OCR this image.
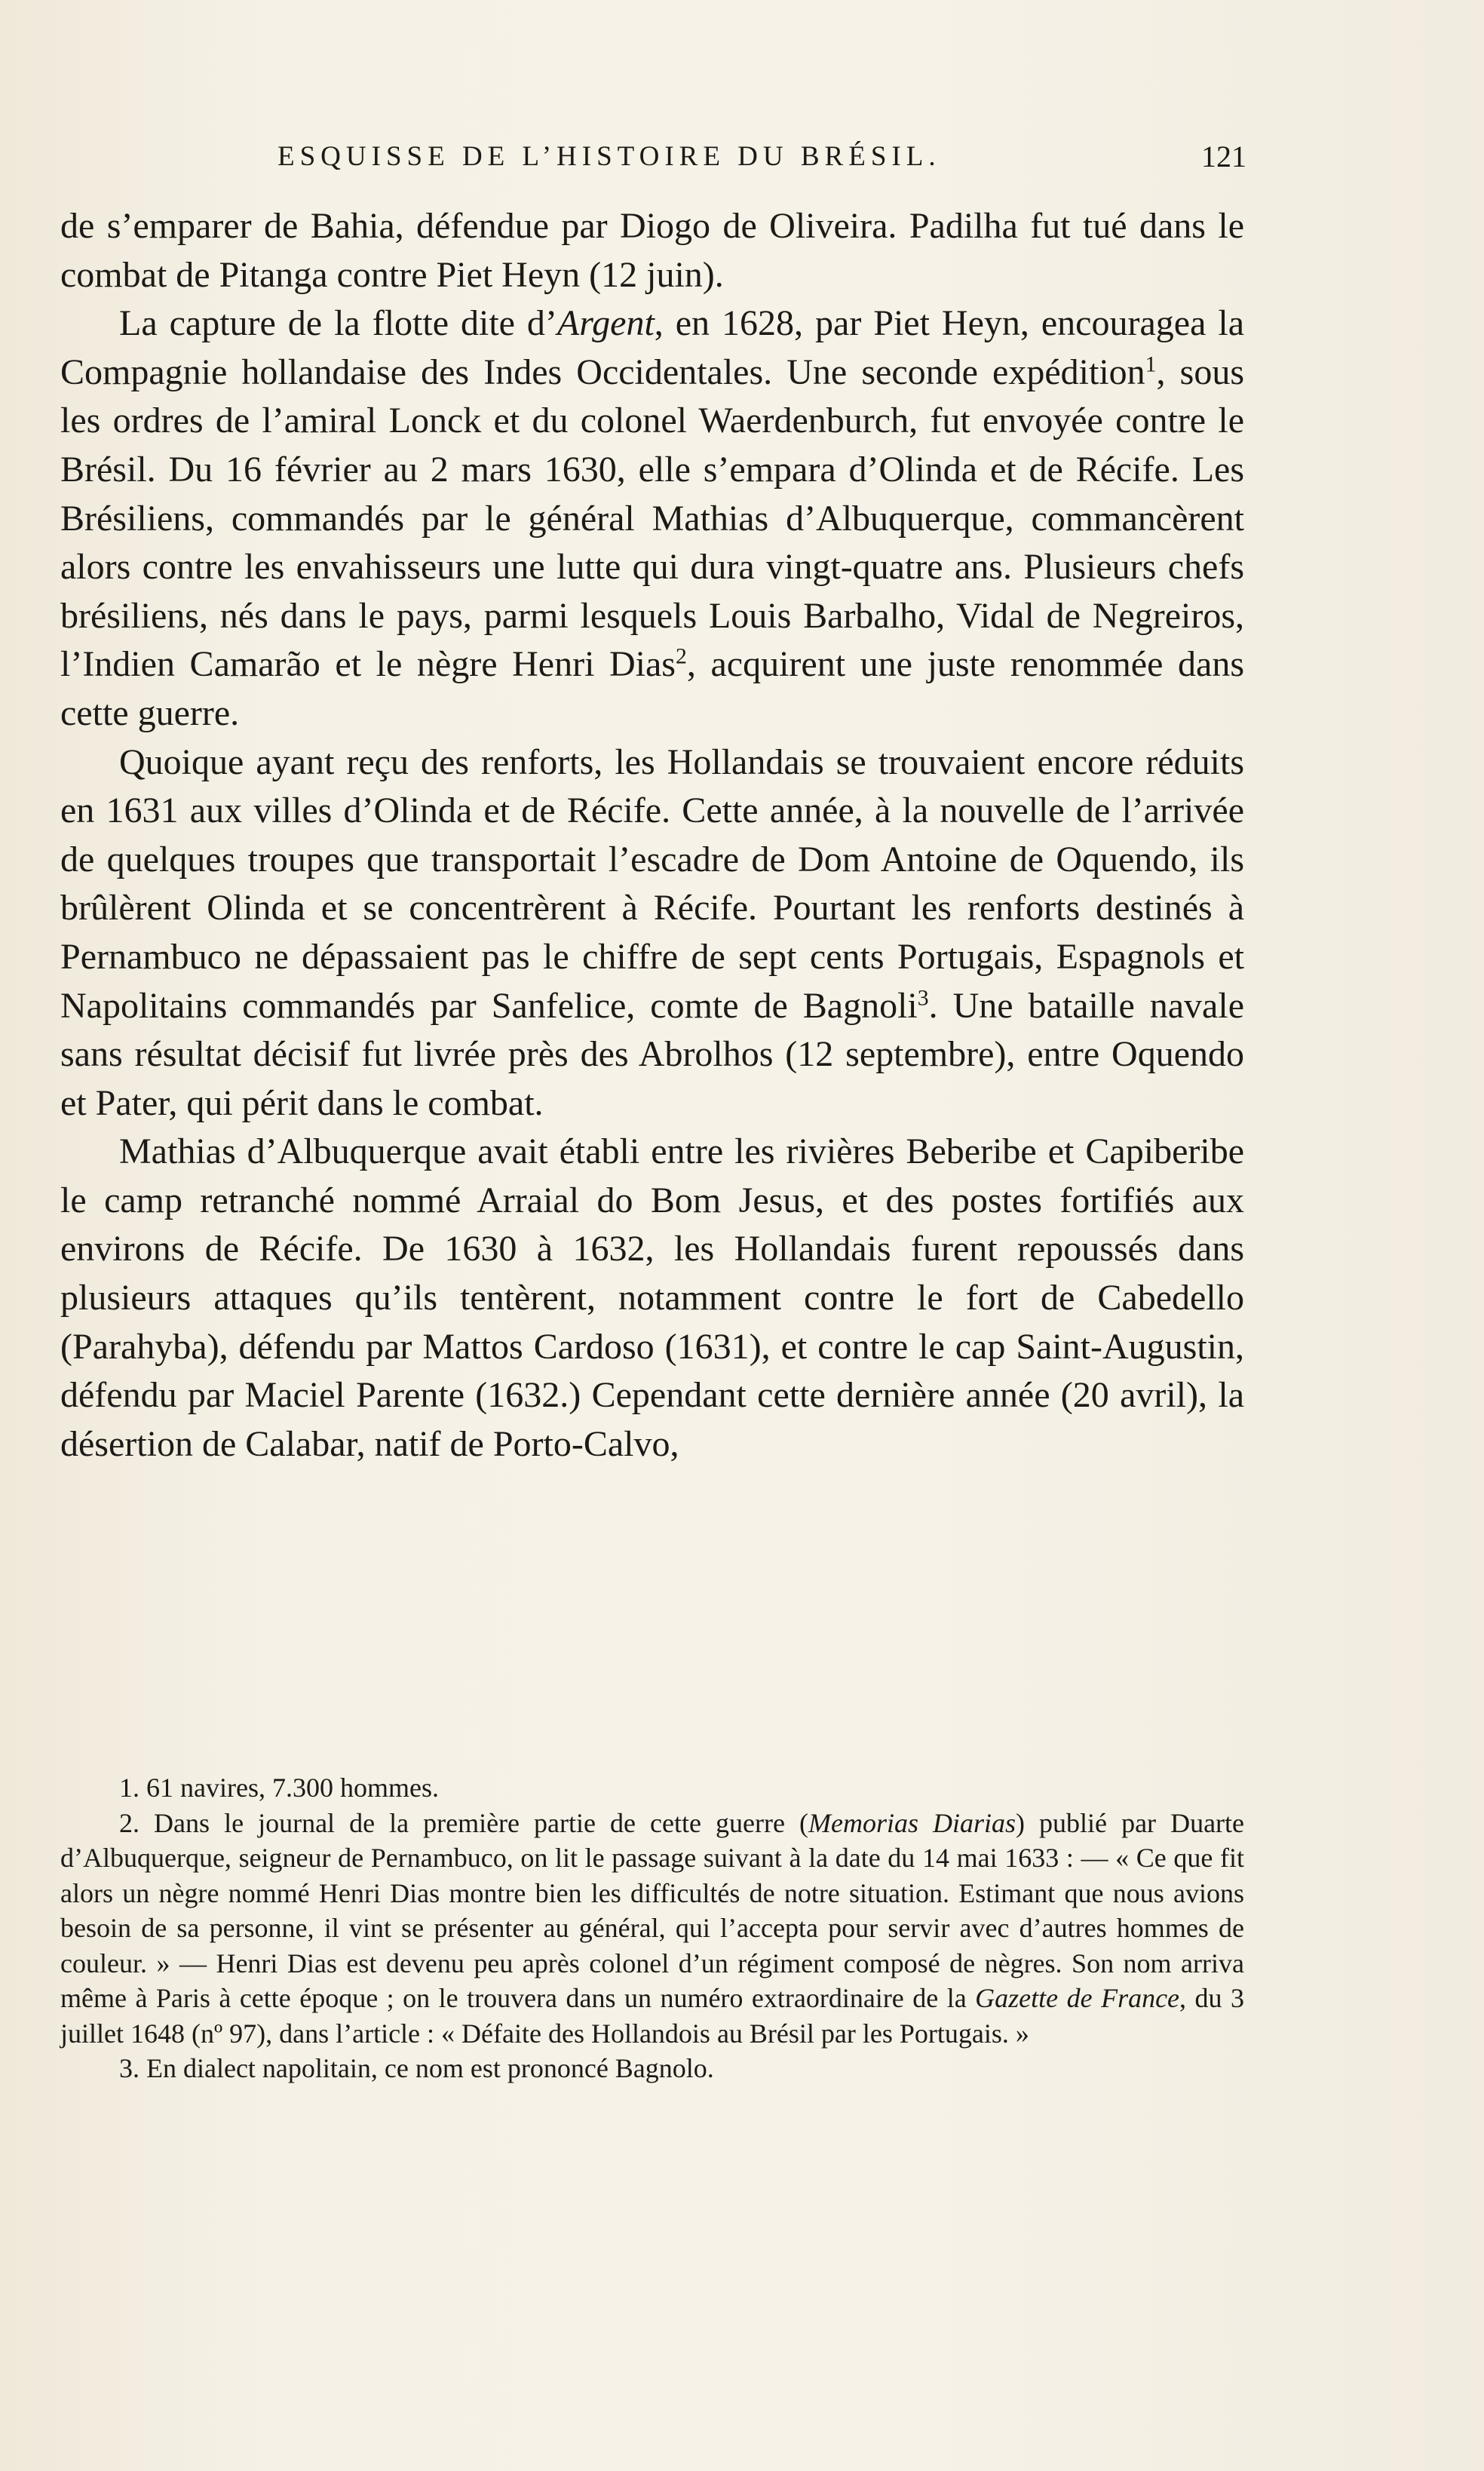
ESQUISSE DE L’HISTOIRE DU BRÉSIL.	121

de s’emparer de Bahia, défendue par Diogo de Oliveira. Padilha fut tué dans le combat de Pitanga contre Piet Heyn (12 juin).

La capture de la flotte dite d’Argent, en 1628, par Piet Heyn, encouragea la Compagnie hollandaise des Indes Occidentales. Une seconde expédition$^1$, sous les ordres de l’amiral Lonck et du colonel Waerdenburch, fut envoyée contre le Brésil. Du 16 février au 2 mars 1630, elle s’empara d’Olinda et de Récife. Les Brésiliens, commandés par le général Mathias d’Albuquerque, commancèrent alors contre les envahisseurs une lutte qui dura vingt-quatre ans. Plusieurs chefs brésiliens, nés dans le pays, parmi lesquels Louis Barbalho, Vidal de Negreiros, l’Indien Camarão et le nègre Henri Dias$^2$, acquirent une juste renommée dans cette guerre.

Quoique ayant reçu des renforts, les Hollandais se trouvaient encore réduits en 1631 aux villes d’Olinda et de Récife. Cette année, à la nouvelle de l’arrivée de quelques troupes que transportait l’escadre de Dom Antoine de Oquendo, ils brûlèrent Olinda et se concentrèrent à Récife. Pourtant les renforts destinés à Pernambuco ne dépassaient pas le chiffre de sept cents Portugais, Espagnols et Napolitains commandés par Sanfelice, comte de Bagnoli$^3$. Une bataille navale sans résultat décisif fut livrée près des Abrolhos (12 septembre), entre Oquendo et Pater, qui périt dans le combat.

Mathias d’Albuquerque avait établi entre les rivières Beberibe et Capiberibe le camp retranché nommé Arraial do Bom Jesus, et des postes fortifiés aux environs de Récife. De 1630 à 1632, les Hollandais furent repoussés dans plusieurs attaques qu’ils tentèrent, notamment contre le fort de Cabedello (Parahyba), défendu par Mattos Cardoso (1631), et contre le cap Saint-Augustin, défendu par Maciel Parente (1632.) Cependant cette dernière année (20 avril), la désertion de Calabar, natif de Porto-Calvo,

1. 61 navires, 7.300 hommes.

2. Dans le journal de la première partie de cette guerre (Memorias Diarias) publié par Duarte d’Albuquerque, seigneur de Pernambuco, on lit le passage suivant à la date du 14 mai 1633 : — « Ce que fit alors un nègre nommé Henri Dias montre bien les difficultés de notre situation. Estimant que nous avions besoin de sa personne, il vint se présenter au général, qui l’accepta pour servir avec d’autres hommes de couleur. » — Henri Dias est devenu peu après colonel d’un régiment composé de nègres. Son nom arriva même à Paris à cette époque ; on le trouvera dans un numéro extraordinaire de la Gazette de France, du 3 juillet 1648 (nº 97), dans l’article : « Défaite des Hollandois au Brésil par les Portugais. »

3. En dialect napolitain, ce nom est prononcé Bagnolo.
